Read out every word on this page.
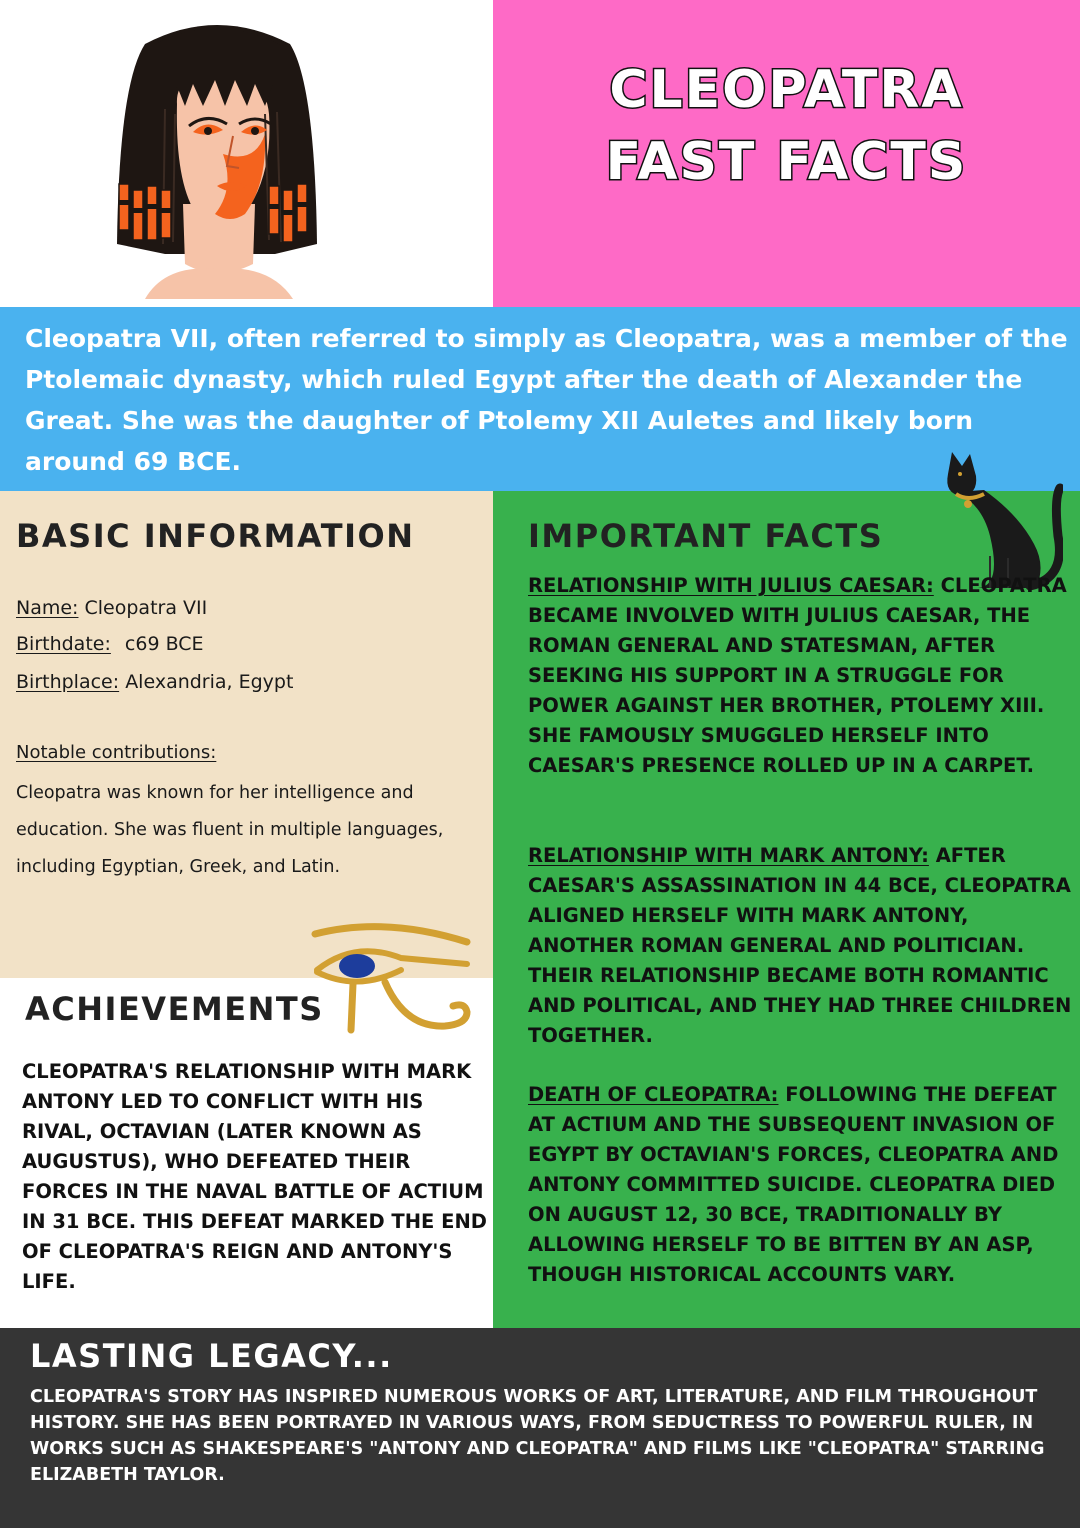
CLEOPATRA
FAST FACTS
Cleopatra VII, often referred to simply as Cleopatra, was a member of the Ptolemaic dynasty, which ruled Egypt after the death of Alexander the Great. She was the daughter of Ptolemy XII Auletes and likely born around 69 BCE.
BASIC INFORMATION
Name: Cleopatra VII
Birthdate: c69 BCE
Birthplace: Alexandria, Egypt
Notable contributions:
Cleopatra was known for her intelligence and education. She was fluent in multiple languages, including Egyptian, Greek, and Latin.
ACHIEVEMENTS
CLEOPATRA'S RELATIONSHIP WITH MARK ANTONY LED TO CONFLICT WITH HIS RIVAL, OCTAVIAN (LATER KNOWN AS AUGUSTUS), WHO DEFEATED THEIR FORCES IN THE NAVAL BATTLE OF ACTIUM IN 31 BCE. THIS DEFEAT MARKED THE END OF CLEOPATRA'S REIGN AND ANTONY'S LIFE.
IMPORTANT FACTS
RELATIONSHIP WITH JULIUS CAESAR: CLEOPATRA BECAME INVOLVED WITH JULIUS CAESAR, THE ROMAN GENERAL AND STATESMAN, AFTER SEEKING HIS SUPPORT IN A STRUGGLE FOR POWER AGAINST HER BROTHER, PTOLEMY XIII. SHE FAMOUSLY SMUGGLED HERSELF INTO CAESAR'S PRESENCE ROLLED UP IN A CARPET.
RELATIONSHIP WITH MARK ANTONY: AFTER CAESAR'S ASSASSINATION IN 44 BCE, CLEOPATRA ALIGNED HERSELF WITH MARK ANTONY, ANOTHER ROMAN GENERAL AND POLITICIAN. THEIR RELATIONSHIP BECAME BOTH ROMANTIC AND POLITICAL, AND THEY HAD THREE CHILDREN TOGETHER.
DEATH OF CLEOPATRA: FOLLOWING THE DEFEAT AT ACTIUM AND THE SUBSEQUENT INVASION OF EGYPT BY OCTAVIAN'S FORCES, CLEOPATRA AND ANTONY COMMITTED SUICIDE. CLEOPATRA DIED ON AUGUST 12, 30 BCE, TRADITIONALLY BY ALLOWING HERSELF TO BE BITTEN BY AN ASP, THOUGH HISTORICAL ACCOUNTS VARY.
LASTING LEGACY...
CLEOPATRA'S STORY HAS INSPIRED NUMEROUS WORKS OF ART, LITERATURE, AND FILM THROUGHOUT HISTORY. SHE HAS BEEN PORTRAYED IN VARIOUS WAYS, FROM SEDUCTRESS TO POWERFUL RULER, IN WORKS SUCH AS SHAKESPEARE'S "ANTONY AND CLEOPATRA" AND FILMS LIKE "CLEOPATRA" STARRING ELIZABETH TAYLOR.
